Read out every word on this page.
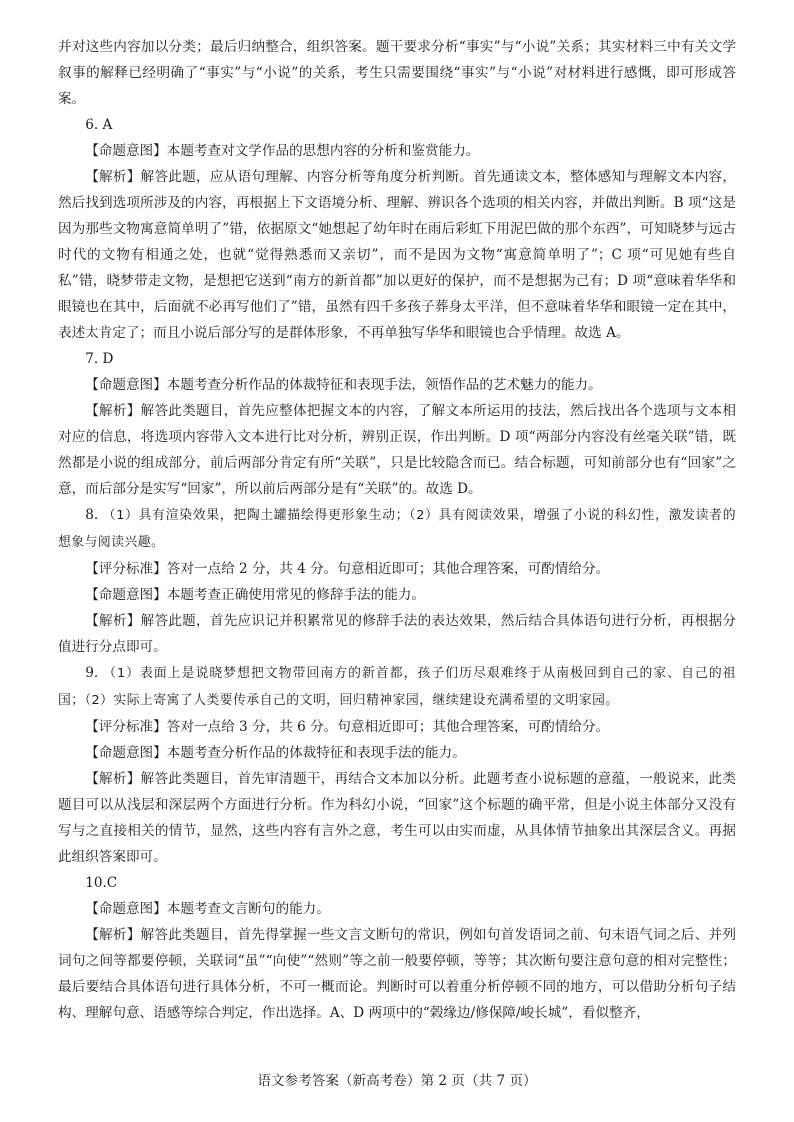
并对这些内容加以分类；最后归纳整合，组织答案。题干要求分析“事实”与“小说”关系；其实材料三中有关文学叙事的解释已经明确了“事实”与“小说”的关系，考生只需要围绕“事实”与“小说”对材料进行感慨，即可形成答案。

6. A

【命题意图】本题考查对文学作品的思想内容的分析和鉴赏能力。

【解析】解答此题，应从语句理解、内容分析等角度分析判断。首先通读文本，整体感知与理解文本内容，然后找到选项所涉及的内容，再根据上下文语境分析、理解、辨识各个选项的相关内容，并做出判断。B 项“这是因为那些文物寓意简单明了”错，依据原文“她想起了幼年时在雨后彩虹下用泥巴做的那个东西”，可知晓梦与远古时代的文物有相通之处，也就“觉得熟悉而又亲切”，而不是因为文物“寓意简单明了”；C 项“可见她有些自私”错，晓梦带走文物，是想把它送到“南方的新首都”加以更好的保护，而不是想据为己有；D 项“意味着华华和眼镜也在其中，后面就不必再写他们了”错，虽然有四千多孩子葬身太平洋，但不意味着华华和眼镜一定在其中，表述太肯定了；而且小说后部分写的是群体形象，不再单独写华华和眼镜也合乎情理。故选 A。

7. D

【命题意图】本题考查分析作品的体裁特征和表现手法，领悟作品的艺术魅力的能力。

【解析】解答此类题目，首先应整体把握文本的内容，了解文本所运用的技法，然后找出各个选项与文本相对应的信息，将选项内容带入文本进行比对分析，辨别正误，作出判断。D 项“两部分内容没有丝毫关联”错，既然都是小说的组成部分，前后两部分肯定有所“关联”，只是比较隐含而已。结合标题，可知前部分也有“回家”之意，而后部分是实写“回家”，所以前后两部分是有“关联”的。故选 D。

8. （1）具有渲染效果，把陶土罐描绘得更形象生动；（2）具有阅读效果，增强了小说的科幻性，激发读者的想象与阅读兴趣。

【评分标准】答对一点给 2 分，共 4 分。句意相近即可；其他合理答案，可酌情给分。

【命题意图】本题考查正确使用常见的修辞手法的能力。

【解析】解答此题，首先应识记并积累常见的修辞手法的表达效果，然后结合具体语句进行分析，再根据分值进行分点即可。

9. （1）表面上是说晓梦想把文物带回南方的新首都，孩子们历尽艰难终于从南极回到自己的家、自己的祖国；（2）实际上寄寓了人类要传承自己的文明，回归精神家园，继续建设充满希望的文明家园。

【评分标准】答对一点给 3 分，共 6 分。句意相近即可；其他合理答案，可酌情给分。

【命题意图】本题考查分析作品的体裁特征和表现手法的能力。

【解析】解答此类题目，首先审清题干，再结合文本加以分析。此题考查小说标题的意蕴，一般说来，此类题目可以从浅层和深层两个方面进行分析。作为科幻小说，“回家”这个标题的确平常，但是小说主体部分又没有写与之直接相关的情节，显然，这些内容有言外之意，考生可以由实而虚，从具体情节抽象出其深层含义。再据此组织答案即可。

10.C

【命题意图】本题考查文言断句的能力。

【解析】解答此类题目，首先得掌握一些文言文断句的常识，例如句首发语词之前、句末语气词之后、并列词句之间等都要停顿，关联词“虽”“向使”“然则”等之前一般要停顿，等等；其次断句要注意句意的相对完整性；最后要结合具体语句进行具体分析，不可一概而论。判断时可以着重分析停顿不同的地方，可以借助分析句子结构、理解句意、语感等综合判定，作出选择。A、D 两项中的“榖缘边/修保障/峻长城”，看似整齐，

语文参考答案（新高考卷）第 2 页（共 7 页）
